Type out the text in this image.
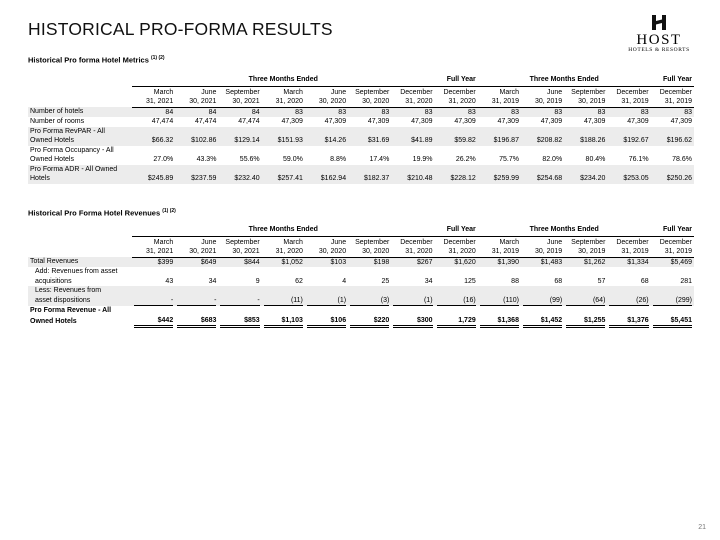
HISTORICAL PRO-FORMA RESULTS
HOST
HOTELS & RESORTS
Historical Pro forma Hotel Metrics $^{(1) (2)}$
	Three Months Ended							Full Year	Three Months Ended				Full Year
	March	June	September	March	June	September	December	December	March	June	September	December	December
	31, 2021	30, 2021	30, 2021	31, 2020	30, 2020	30, 2020	31, 2020	31, 2020	31, 2019	30, 2019	30, 2019	31, 2019	31, 2019
Number of hotels	84	84	84	83	83	83	83	83	83	83	83	83	83
Number of rooms	47,474	47,474	47,474	47,309	47,309	47,309	47,309	47,309	47,309	47,309	47,309	47,309	47,309
Pro Forma RevPAR - All													
Owned Hotels	$66.32	$102.86	$129.14	$151.93	$14.26	$31.69	$41.89	$59.82	$196.87	$208.82	$188.26	$192.67	$196.62
Pro Forma Occupancy - All													
Owned Hotels	27.0%	43.3%	55.6%	59.0%	8.8%	17.4%	19.9%	26.2%	75.7%	82.0%	80.4%	76.1%	78.6%
Pro Forma ADR - All Owned													
Hotels	$245.89	$237.59	$232.40	$257.41	$162.94	$182.37	$210.48	$228.12	$259.99	$254.68	$234.20	$253.05	$250.26
Historical Pro Forma Hotel Revenues $^{(1) (2)}$
	Three Months Ended							Full Year	Three Months Ended				Full Year
	March	June	September	March	June	September	December	December	March	June	September	December	December
	31, 2021	30, 2021	30, 2021	31, 2020	30, 2020	30, 2020	31, 2020	31, 2020	31, 2019	30, 2019	30, 2019	31, 2019	31, 2019
Total Revenues	$399	$649	$844	$1,052	$103	$198	$267	$1,620	$1,390	$1,483	$1,262	$1,334	$5,469
Add: Revenues from asset													
acquisitions	43	34	9	62	4	25	34	125	88	68	57	68	281
Less: Revenues from													
asset dispositions	-	-	-	(11)	(1)	(3)	(1)	(16)	(110)	(99)	(64)	(26)	(299)

Pro Forma Revenue - All													
Owned Hotels	$442	$683	$853	$1,103	$106	$220	$300	1,729	$1,368	$1,452	$1,255	$1,376	$5,451
21
